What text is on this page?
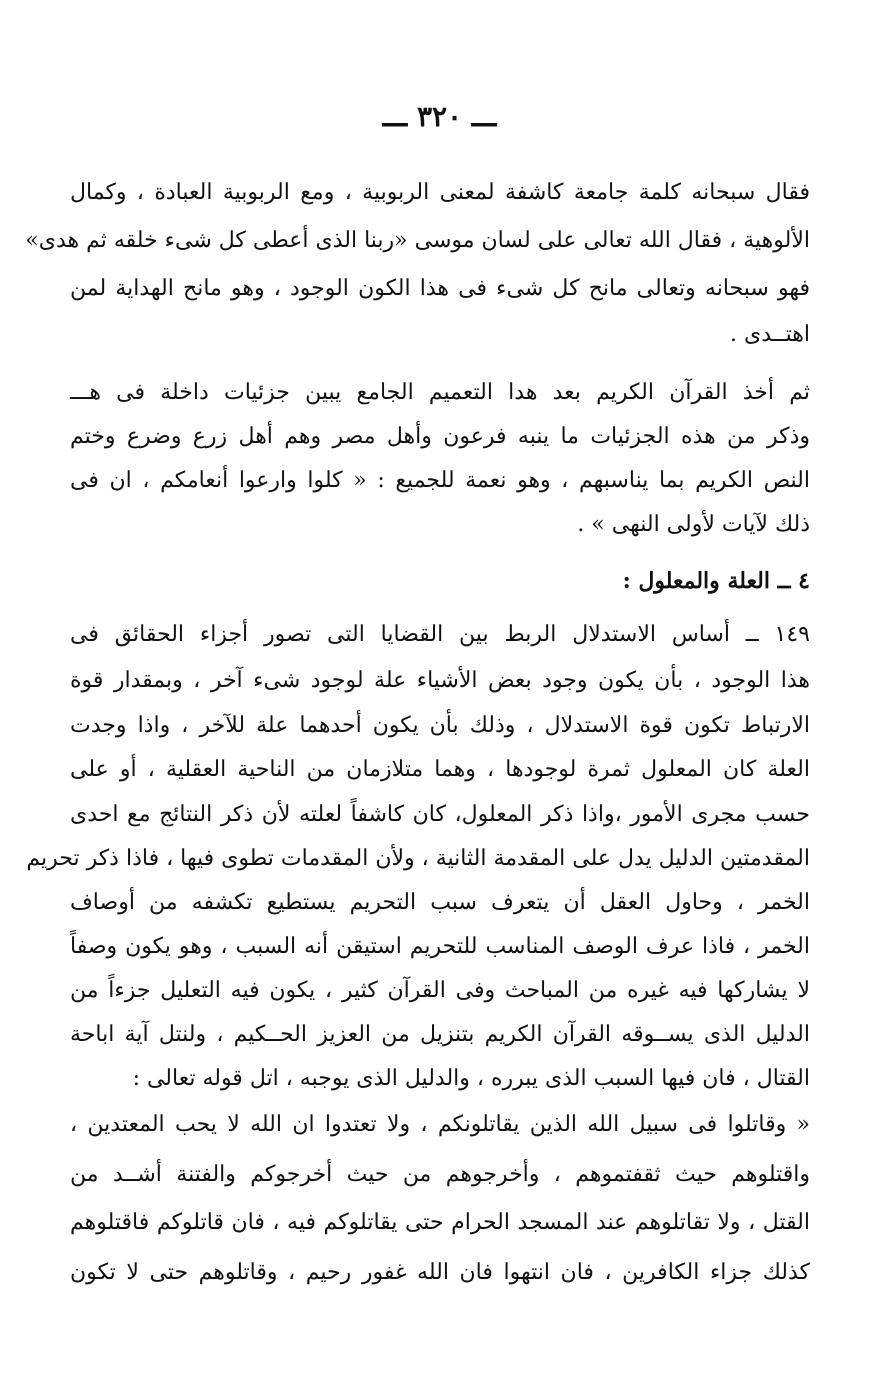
ـــ ٣٢٠ ـــ
فقال سبحانه كلمة جامعة كاشفة لمعنى الربوبية ، ومع الربوبية العبادة ، وكمال
الألوهية ، فقال الله تعالى على لسان موسى «ربنا الذى أعطى كل شىء خلقه ثم هدى»
فهو سبحانه وتعالى مانح كل شىء فى هذا الكون الوجود ، وهو مانح الهداية لمن
اهتــدى .
ثم أخذ القرآن الكريم بعد هدا التعميم الجامع يبين جزئيات داخلة فى هـــ
وذكر من هذه الجزئيات ما ينبه فرعون وأهل مصر وهم أهل زرع وضرع وختم
النص الكريم بما يناسبهم ، وهو نعمة للجميع : « كلوا وارعوا أنعامكم ، ان فى
ذلك لآيات لأولى النهى » .
٤ ــ العلة والمعلول :
١٤٩ ــ أساس الاستدلال الربط بين القضايا التى تصور أجزاء الحقائق فى
هذا الوجود ، بأن يكون وجود بعض الأشياء علة لوجود شىء آخر ، وبمقدار قوة
الارتباط تكون قوة الاستدلال ، وذلك بأن يكون أحدهما علة للآخر ، واذا وجدت
العلة كان المعلول ثمرة لوجودها ، وهما متلازمان من الناحية العقلية ، أو على
حسب مجرى الأمور ،واذا ذكر المعلول، كان كاشفاً لعلته لأن ذكر النتائج مع احدى
المقدمتين الدليل يدل على المقدمة الثانية ، ولأن المقدمات تطوى فيها ، فاذا ذكر تحريم
الخمر ، وحاول العقل أن يتعرف سبب التحريم يستطيع تكشفه من أوصاف
الخمر ، فاذا عرف الوصف المناسب للتحريم استيقن أنه السبب ، وهو يكون وصفاً
لا يشاركها فيه غيره من المباحث وفى القرآن كثير ، يكون فيه التعليل جزءاً من
الدليل الذى يســوقه القرآن الكريم بتنزيل من العزيز الحــكيم ، ولنتل آية اباحة
القتال ، فان فيها السبب الذى يبرره ، والدليل الذى يوجبه ، اتل قوله تعالى :
« وقاتلوا فى سبيل الله الذين يقاتلونكم ، ولا تعتدوا ان الله لا يحب المعتدين ،
واقتلوهم حيث ثقفتموهم ، وأخرجوهم من حيث أخرجوكم والفتنة أشــد من
القتل ، ولا تقاتلوهم عند المسجد الحرام حتى يقاتلوكم فيه ، فان قاتلوكم فاقتلوهم
كذلك جزاء الكافرين ، فان انتهوا فان الله غفور رحيم ، وقاتلوهم حتى لا تكون
